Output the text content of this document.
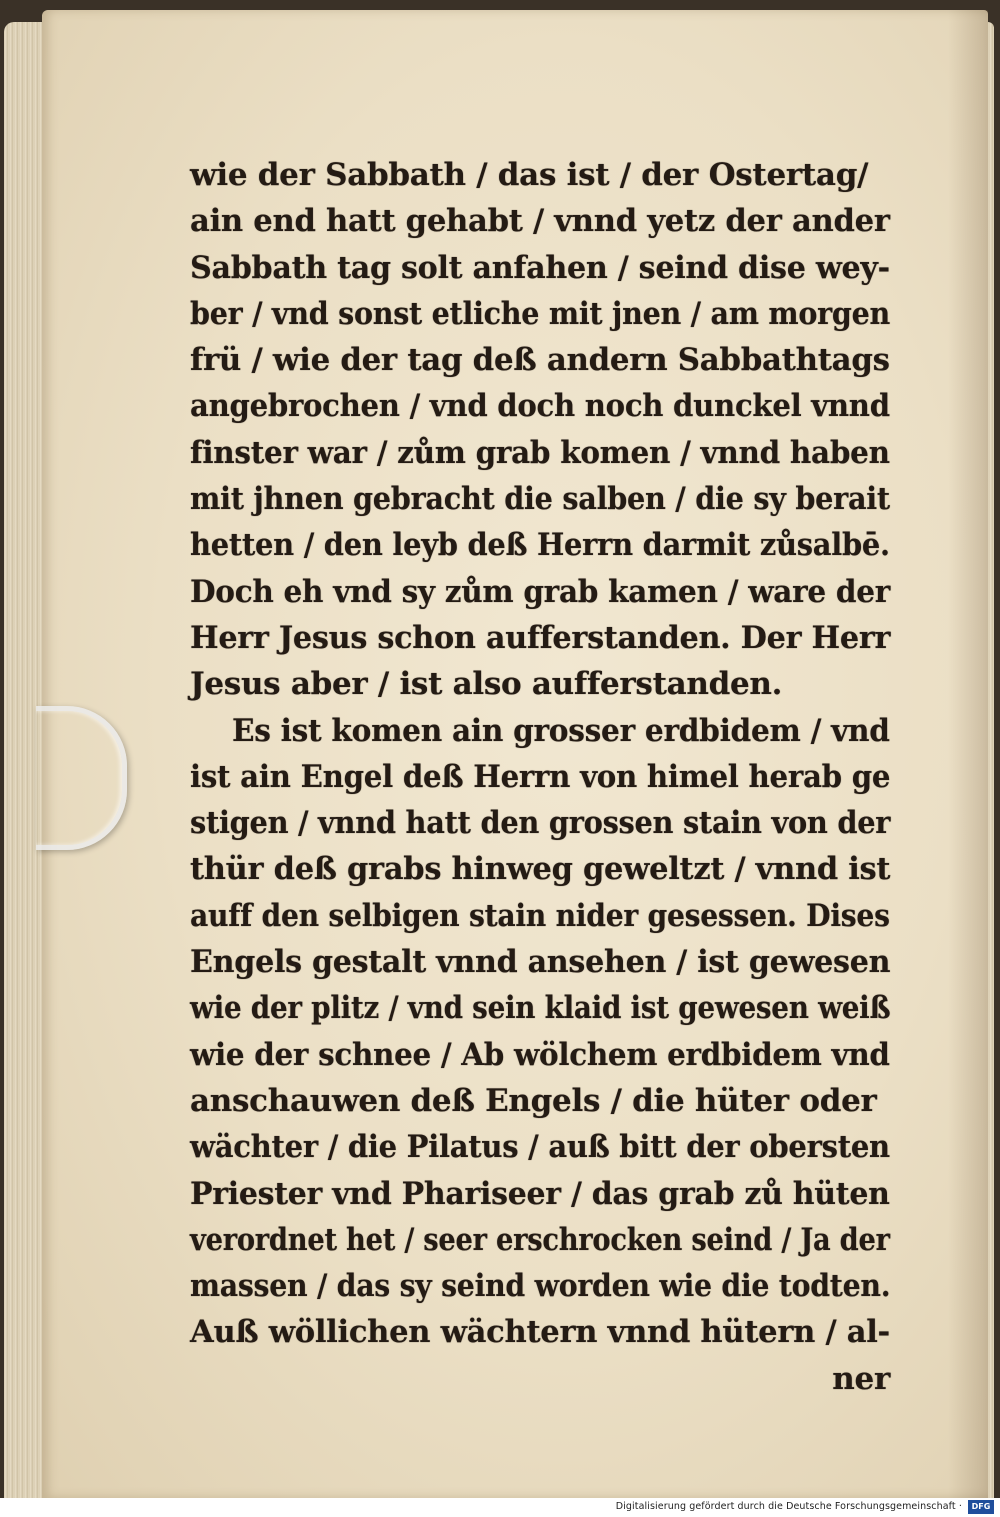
wie der Sabbath / das ist / der Ostertag/
ain end hatt gehabt / vnnd yetz der ander
Sabbath tag solt anfahen / seind dise wey-
ber / vnd sonst etliche mit jnen / am morgen
frü / wie der tag deß andern Sabbathtags
angebrochen / vnd doch noch dunckel vnnd
finster war / zům grab komen / vnnd haben
mit jhnen gebracht die salben / die sy berait
hetten / den leyb deß Herrn darmit zůsalbē.
Doch eh vnd sy zům grab kamen / ware der
Herr Jesus schon aufferstanden. Der Herr
Jesus aber / ist also aufferstanden.
Es ist komen ain grosser erdbidem / vnd
ist ain Engel deß Herrn von himel herab ge
stigen / vnnd hatt den grossen stain von der
thür deß grabs hinweg geweltzt / vnnd ist
auff den selbigen stain nider gesessen. Dises
Engels gestalt vnnd ansehen / ist gewesen
wie der plitz / vnd sein klaid ist gewesen weiß
wie der schnee / Ab wölchem erdbidem vnd
anschauwen deß Engels / die hüter oder
wächter / die Pilatus / auß bitt der obersten
Priester vnd Phariseer / das grab zů hüten
verordnet het / seer erschrocken seind / Ja der
massen / das sy seind worden wie die todten.
Auß wöllichen wächtern vnnd hütern / al-
ner
Digitalisierung gefördert durch die Deutsche Forschungsgemeinschaft ·	DFG
